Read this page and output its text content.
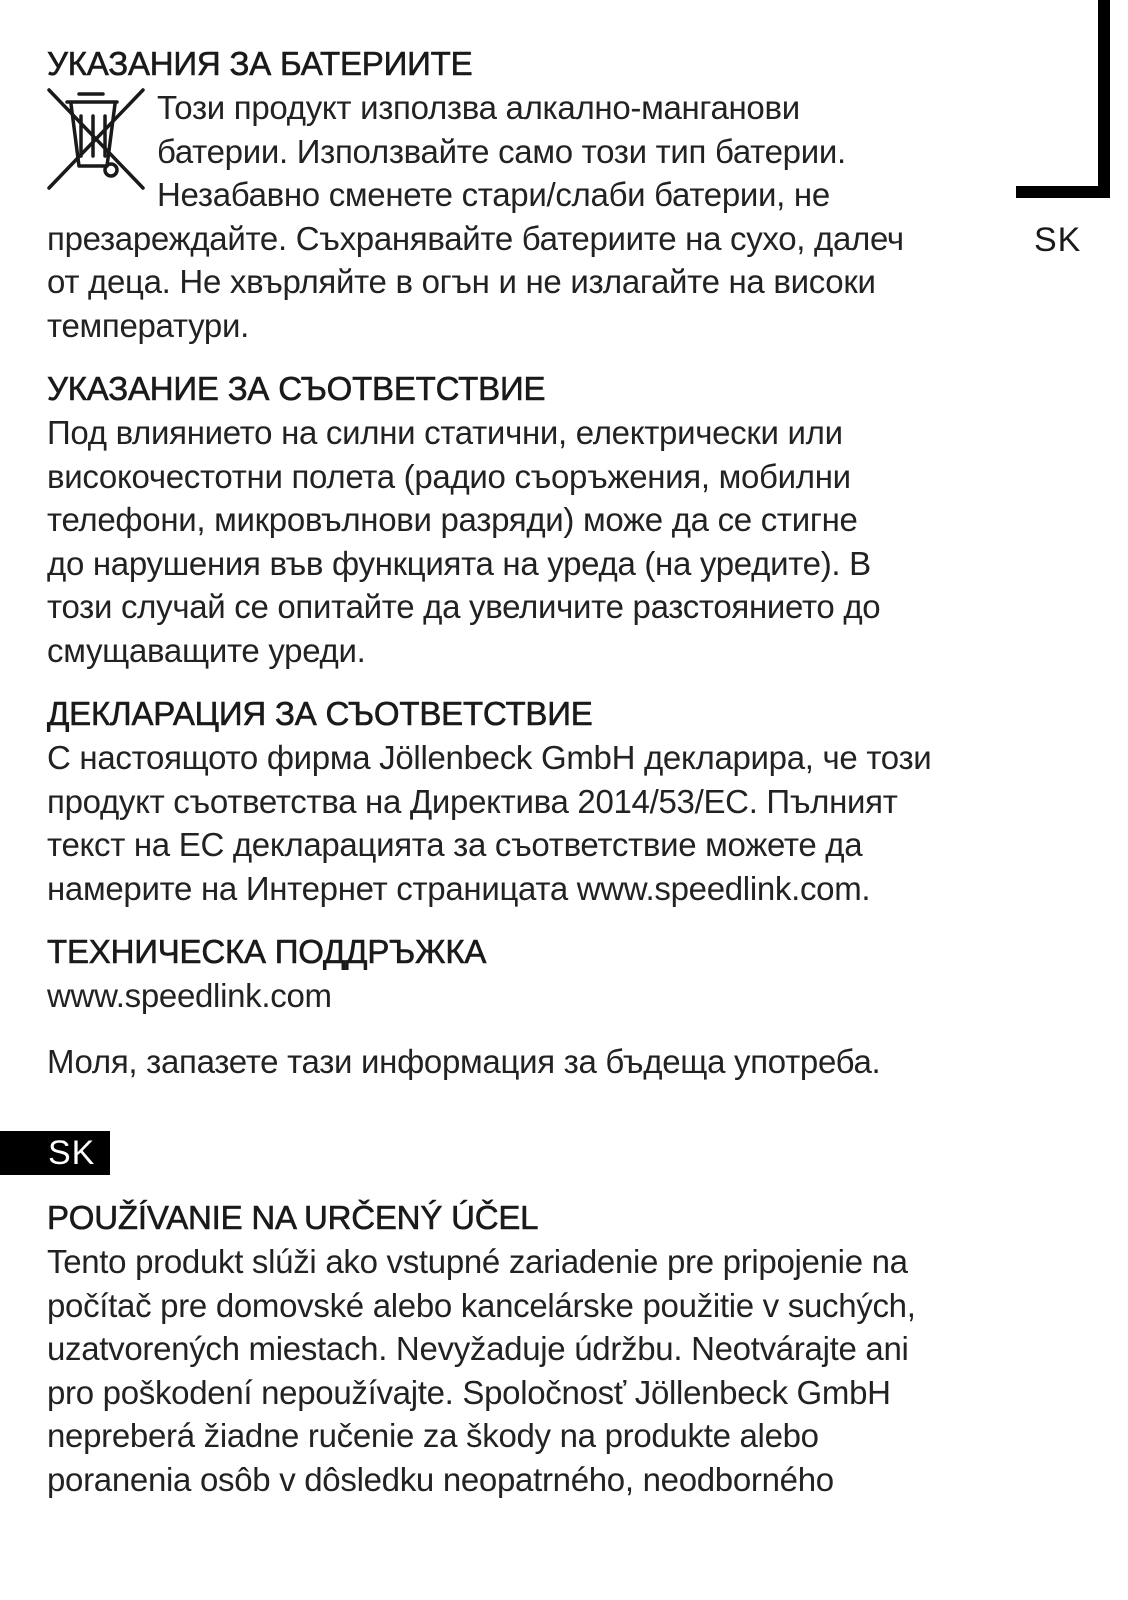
SK
УКАЗАНИЯ ЗА БАТЕРИИТЕ

Този продукт използва алкално-манганови
батерии. Използвайте само този тип батерии.
Незабавно сменете стари/слаби батерии, не
презареждайте. Съхранявайте батериите на сухо, далеч
от деца. Не хвърляйте в огън и не излагайте на високи
температури.

УКАЗАНИЕ ЗА СЪОТВЕТСТВИЕ

Под влиянието на силни статични, електрически или
високочестотни полета (радио съоръжения, мобилни
телефони, микровълнови разряди) може да се стигне
до нарушения във функцията на уреда (на уредите). В
този случай се опитайте да увеличите разстоянието до
смущаващите уреди.

ДЕКЛАРАЦИЯ ЗА СЪОТВЕТСТВИЕ

С настоящото фирма Jöllenbeck GmbH декларира, че този
продукт съответства на Директива 2014/53/ЕС. Пълният
текст на ЕС декларацията за съответствие можете да
намерите на Интернет страницата www.speedlink.com.

ТЕХНИЧЕСКА ПОДДРЪЖКА

www.speedlink.com

Моля, запазете тази информация за бъдеща употреба.

SK
POUŽÍVANIE NA URČENÝ ÚČEL

Tento produkt slúži ako vstupné zariadenie pre pripojenie na
počítač pre domovské alebo kancelárske použitie v suchých,
uzatvorených miestach. Nevyžaduje údržbu. Neotvárajte ani
pro poškodení nepoužívajte. Spoločnosť Jöllenbeck GmbH
nepreberá žiadne ručenie za škody na produkte alebo
poranenia osôb v dôsledku neopatrného, neodborného
